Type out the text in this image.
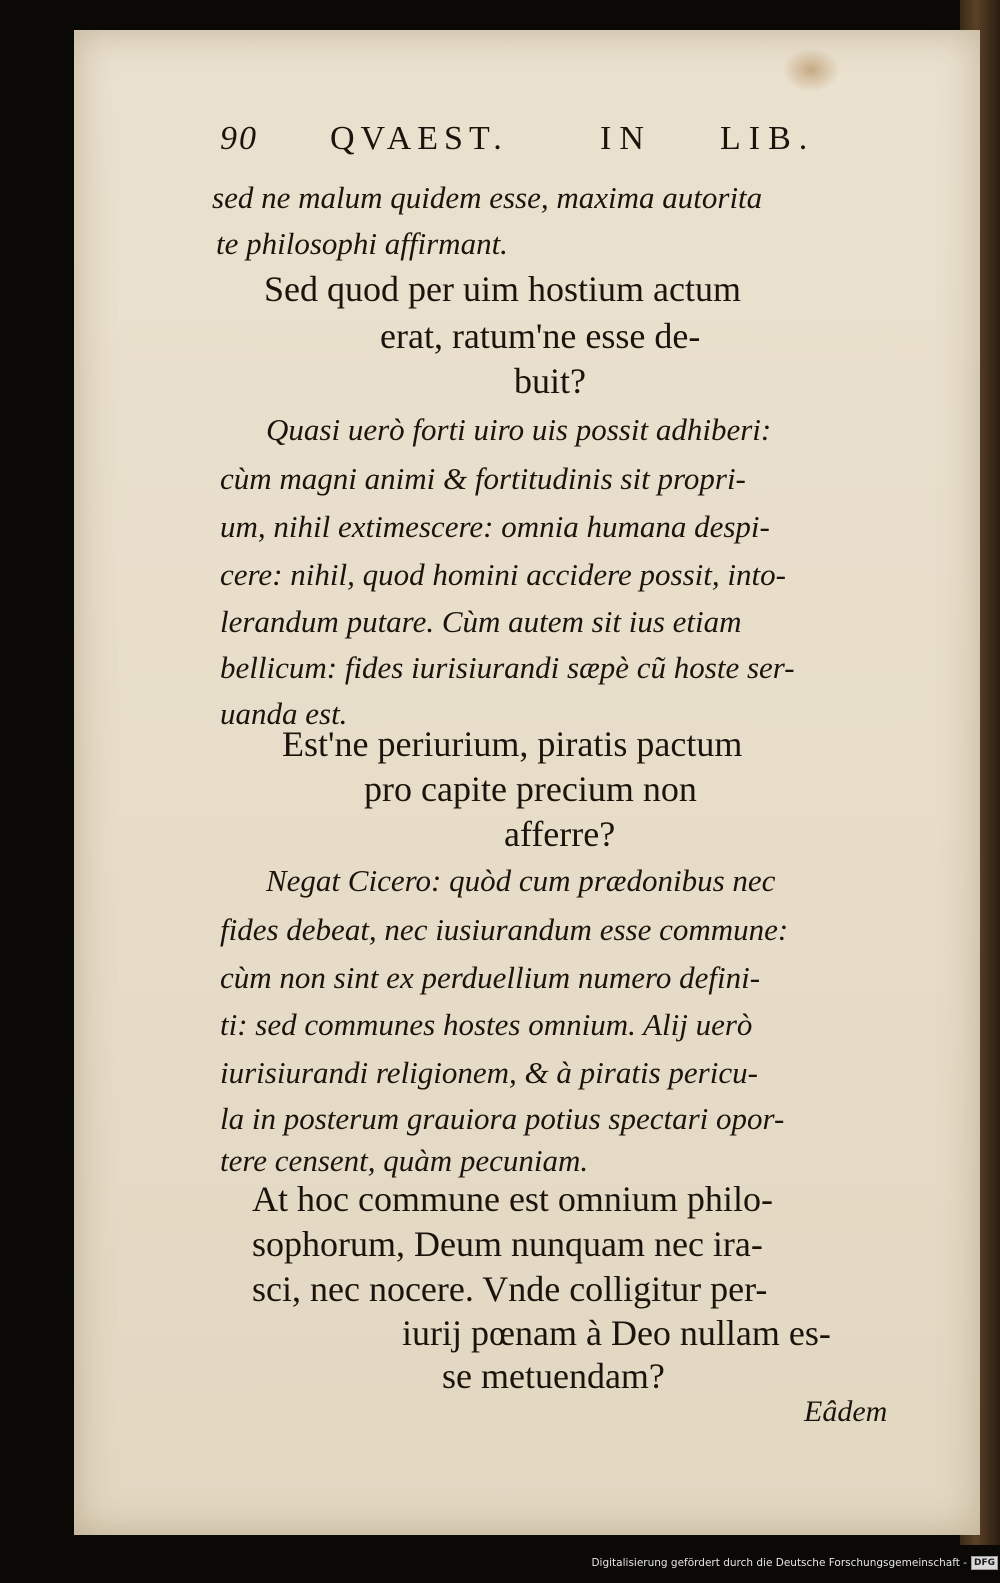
90 QVAEST.	IN LIB.
sed ne malum quidem esse, maxima autorita
te philosophi affirmant.
Sed quod per uim hostium actum
erat, ratum'ne esse de-
buit?
Quasi uerò forti uiro uis possit adhiberi:
cùm magni animi & fortitudinis sit propri-
um, nihil extimescere: omnia humana despi-
cere: nihil, quod homini accidere possit, into-
lerandum putare. Cùm autem sit ius etiam
bellicum: fides iurisiurandi sæpè cũ hoste ser-
uanda est.
Est'ne periurium, piratis pactum
pro capite precium non
afferre?
Negat Cicero: quòd cum prædonibus nec
fides debeat, nec iusiurandum esse commune:
cùm non sint ex perduellium numero defini-
ti: sed communes hostes omnium. Alij uerò
iurisiurandi religionem, & à piratis pericu-
la in posterum grauiora potius spectari opor-
tere censent, quàm pecuniam.
At hoc commune est omnium philo-
sophorum, Deum nunquam nec ira-
sci, nec nocere. Vnde colligitur per-
iurij pœnam à Deo nullam es-
se metuendam?
Eâdem
Digitalisierung gefördert durch die Deutsche Forschungsgemeinschaft - DFG
